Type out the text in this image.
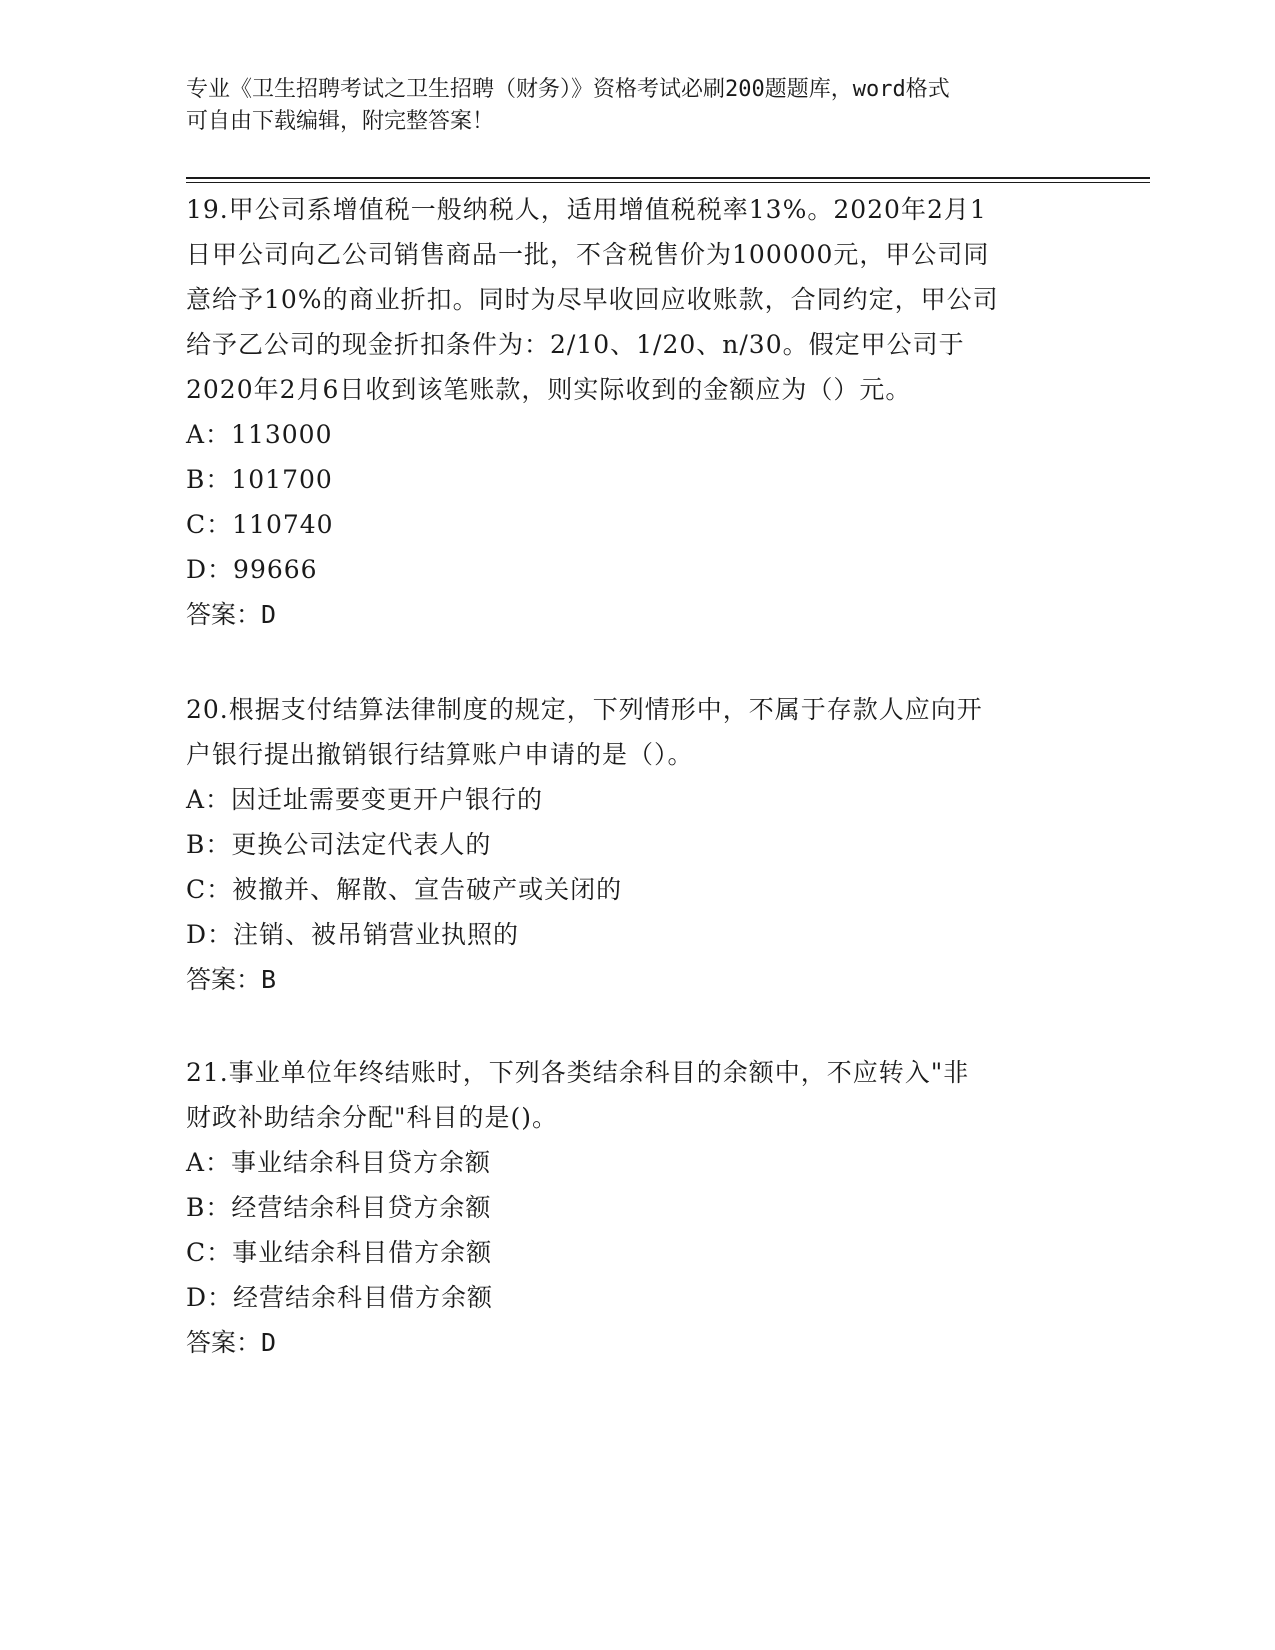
专业《卫生招聘考试之卫生招聘（财务）》资格考试必刷200题题库，word格式
可自由下载编辑，附完整答案！
19.甲公司系增值税一般纳税人，适用增值税税率13%。2020年2月1
日甲公司向乙公司销售商品一批，不含税售价为100000元，甲公司同
意给予10%的商业折扣。同时为尽早收回应收账款，合同约定，甲公司
给予乙公司的现金折扣条件为：2/10、1/20、n/30。假定甲公司于
2020年2月6日收到该笔账款，则实际收到的金额应为（）元。
A：113000
B：101700
C：110740
D：99666
答案：D
20.根据支付结算法律制度的规定，下列情形中，不属于存款人应向开
户银行提出撤销银行结算账户申请的是（）。
A：因迁址需要变更开户银行的
B：更换公司法定代表人的
C：被撤并、解散、宣告破产或关闭的
D：注销、被吊销营业执照的
答案：B
21.事业单位年终结账时，下列各类结余科目的余额中，不应转入"非
财政补助结余分配"科目的是()。
A：事业结余科目贷方余额
B：经营结余科目贷方余额
C：事业结余科目借方余额
D：经营结余科目借方余额
答案：D
